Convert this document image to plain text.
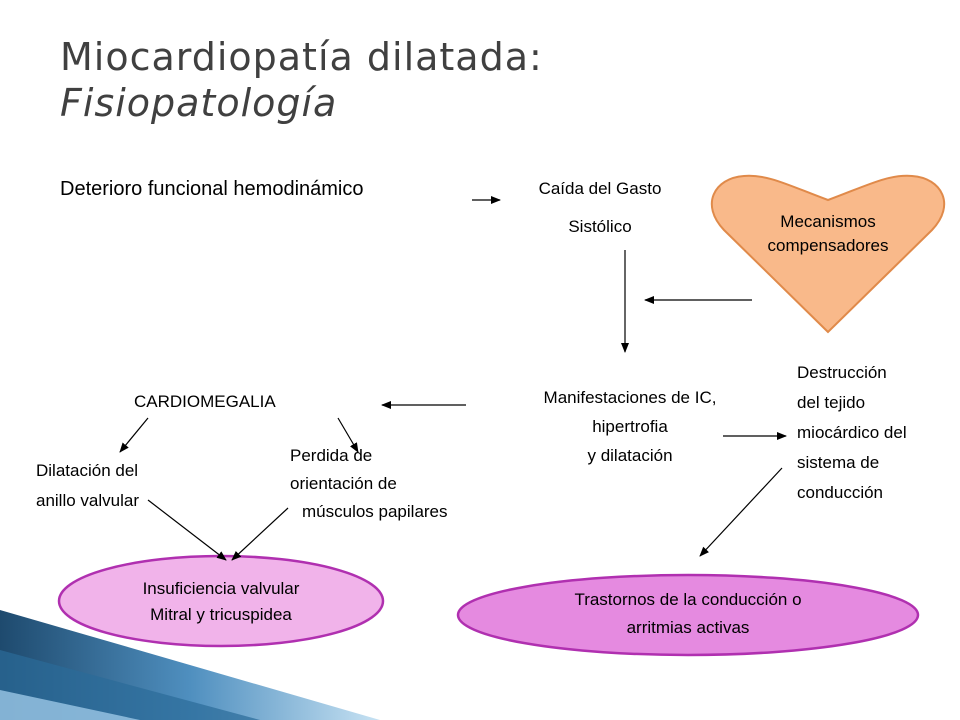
Miocardiopatía dilatada:
Fisiopatología
Deterioro funcional hemodinámico	Caída del Gasto
Sistólico	Mecanismos
compensadores
Manifestaciones de IC,
hipertrofia
y dilatación
CARDIOMEGALIA
Destrucción
del tejido
miocárdico del
sistema de
conducción
Dilatación del
anillo valvular
Perdida de
orientación de
músculos papilares
Insuficiencia valvular
Mitral y tricuspidea
Trastornos de la conducción o
arritmias activas
